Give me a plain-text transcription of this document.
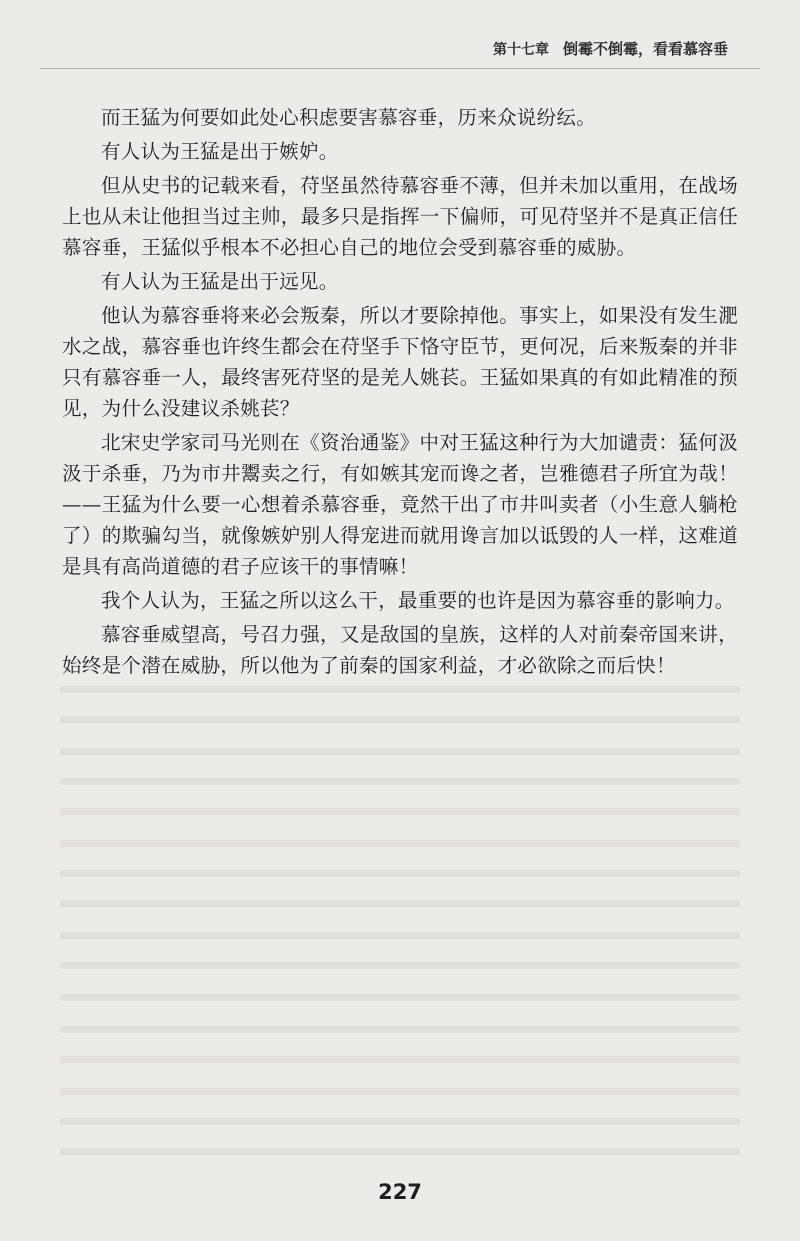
第十七章 倒霉不倒霉，看看慕容垂

而王猛为何要如此处心积虑要害慕容垂，历来众说纷纭。

有人认为王猛是出于嫉妒。

但从史书的记载来看，苻坚虽然待慕容垂不薄，但并未加以重用，在战场上也从未让他担当过主帅，最多只是指挥一下偏师，可见苻坚并不是真正信任慕容垂，王猛似乎根本不必担心自己的地位会受到慕容垂的威胁。

有人认为王猛是出于远见。

他认为慕容垂将来必会叛秦，所以才要除掉他。事实上，如果没有发生淝水之战，慕容垂也许终生都会在苻坚手下恪守臣节，更何况，后来叛秦的并非只有慕容垂一人，最终害死苻坚的是羌人姚苌。王猛如果真的有如此精准的预见，为什么没建议杀姚苌？

北宋史学家司马光则在《资治通鉴》中对王猛这种行为大加谴责：猛何汲汲于杀垂，乃为市井鬻卖之行，有如嫉其宠而谗之者，岂雅德君子所宜为哉！——王猛为什么要一心想着杀慕容垂，竟然干出了市井叫卖者（小生意人躺枪了）的欺骗勾当，就像嫉妒别人得宠进而就用谗言加以诋毁的人一样，这难道是具有高尚道德的君子应该干的事情嘛！

我个人认为，王猛之所以这么干，最重要的也许是因为慕容垂的影响力。

慕容垂威望高，号召力强，又是敌国的皇族，这样的人对前秦帝国来讲，始终是个潜在威胁，所以他为了前秦的国家利益，才必欲除之而后快！

227
